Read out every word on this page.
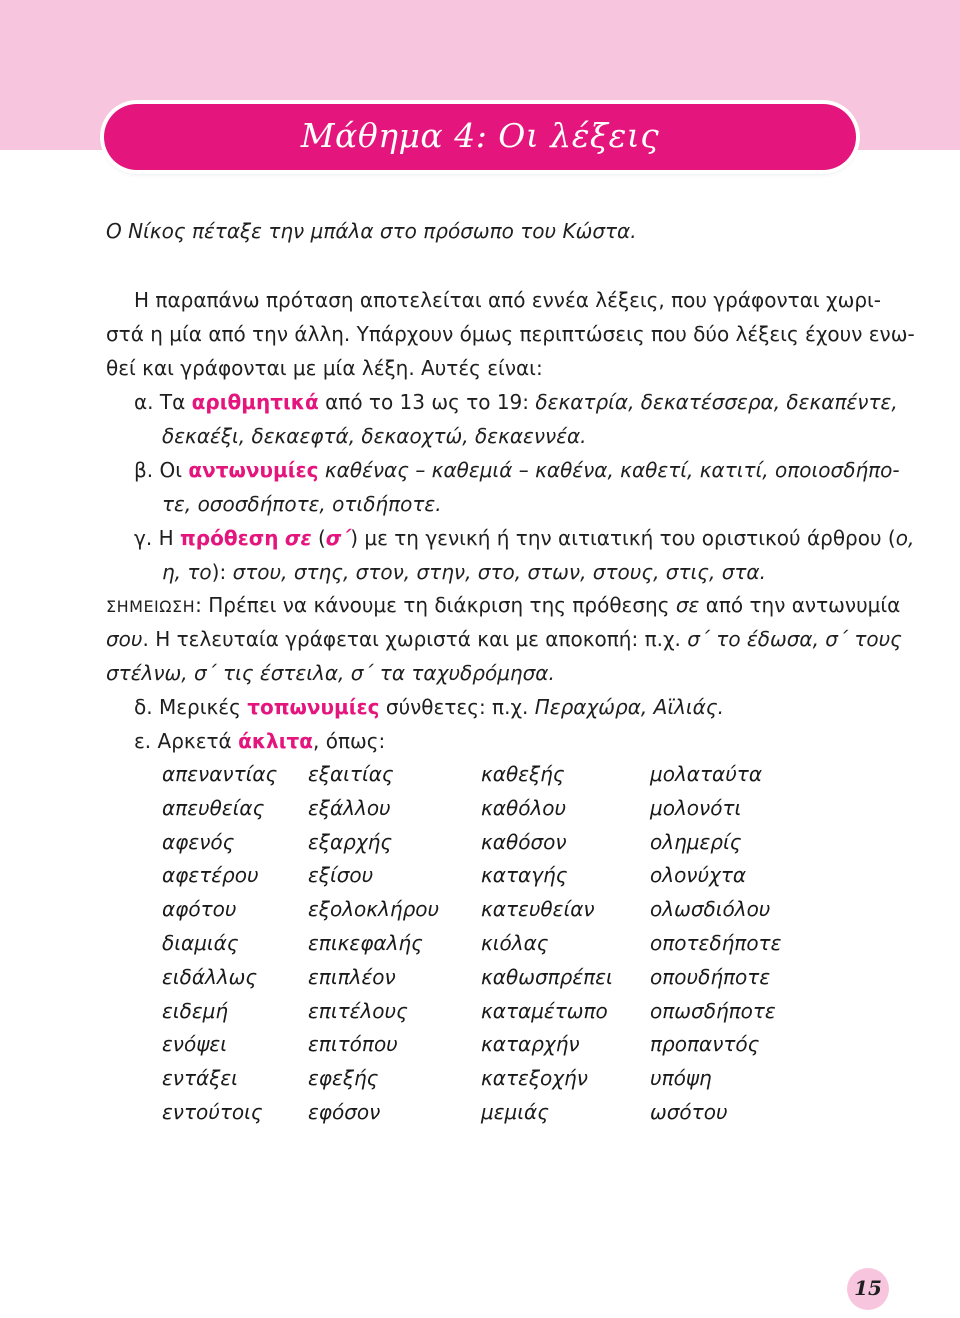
Μάθημα 4: Οι λέξεις
Ο Νίκος πέταξε την μπάλα στο πρόσωπο του Κώστα.
Η παραπάνω πρόταση αποτελείται από εννέα λέξεις, που γράφονται χωρι-
στά η μία από την άλλη. Υπάρχουν όμως περιπτώσεις που δύο λέξεις έχουν ενω-
θεί και γράφονται με μία λέξη. Αυτές είναι:
α. Τα αριθμητικά από το 13 ως το 19: δεκατρία, δεκατέσσερα, δεκαπέντε,
δεκαέξι, δεκαεφτά, δεκαοχτώ, δεκαεννέα.
β. Οι αντωνυμίες καθένας – καθεμιά – καθένα, καθετί, κατιτί, οποιοσδήπο-
τε, οσοσδήποτε, οτιδήποτε.
γ. Η πρόθεση σε (σ΄) με τη γενική ή την αιτιατική του οριστικού άρθρου (ο,
η, το): στου, στης, στον, στην, στο, στων, στους, στις, στα.
ΣΗΜΕΙΩΣΗ: Πρέπει να κάνουμε τη διάκριση της πρόθεσης σε από την αντωνυμία
σου. Η τελευταία γράφεται χωριστά και με αποκοπή: π.χ. σ΄ το έδωσα, σ΄ τους
στέλνω, σ΄ τις έστειλα, σ΄ τα ταχυδρόμησα.
δ. Μερικές τοπωνυμίες σύνθετες: π.χ. Περαχώρα, Αϊλιάς.
ε. Αρκετά άκλιτα, όπως:
απεναντίας
απευθείας
αφενός
αφετέρου
αφότου
διαμιάς
ειδάλλως
ειδεμή
ενόψει
εντάξει
εντούτοις
εξαιτίας
εξάλλου
εξαρχής
εξίσου
εξολοκλήρου
επικεφαλής
επιπλέον
επιτέλους
επιτόπου
εφεξής
εφόσον
καθεξής
καθόλου
καθόσον
καταγής
κατευθείαν
κιόλας
καθωσπρέπει
καταμέτωπο
καταρχήν
κατεξοχήν
μεμιάς
μολαταύτα
μολονότι
ολημερίς
ολονύχτα
ολωσδιόλου
οποτεδήποτε
οπουδήποτε
οπωσδήποτε
προπαντός
υπόψη
ωσότου
15
